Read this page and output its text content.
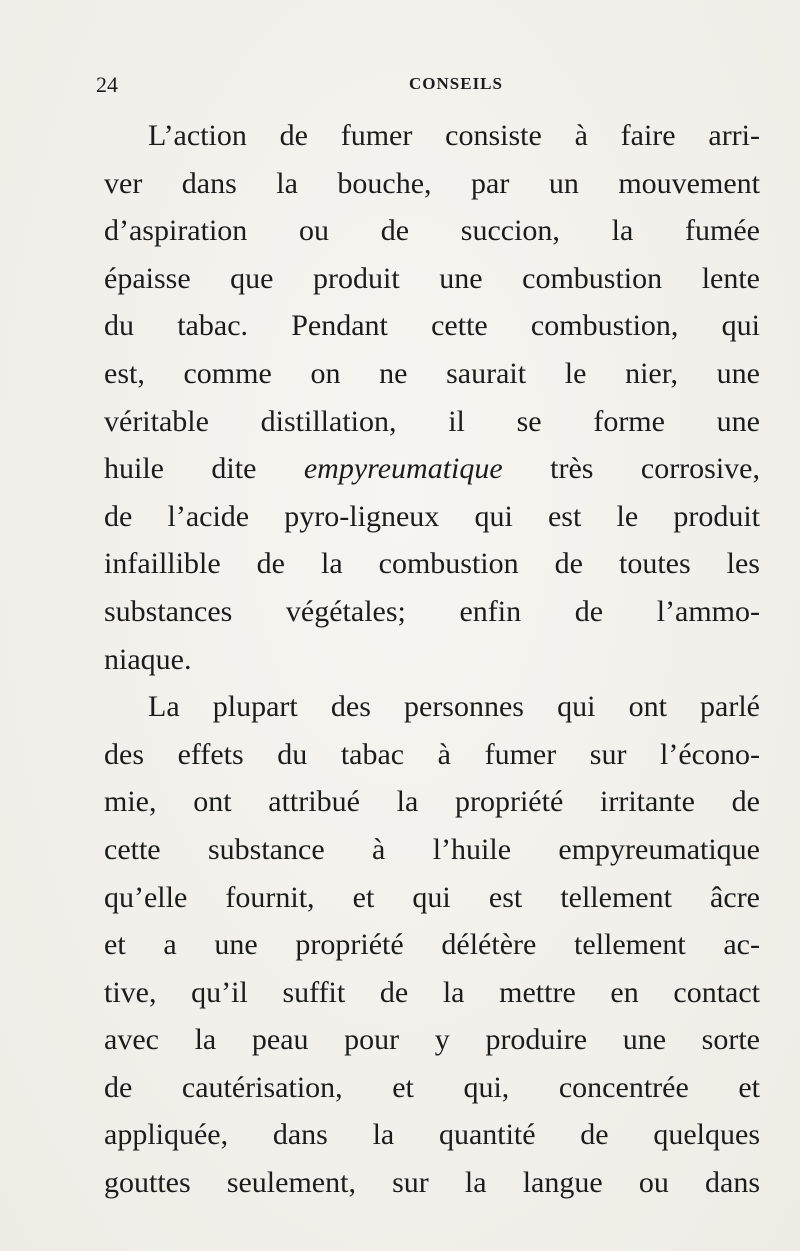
24	CONSEILS
L’action de fumer consiste à faire arri-
ver dans la bouche, par un mouvement
d’aspiration ou de succion, la fumée
épaisse que produit une combustion lente
du tabac. Pendant cette combustion, qui
est, comme on ne saurait le nier, une
véritable distillation, il se forme une
huile dite empyreumatique très corrosive,
de l’acide pyro-ligneux qui est le produit
infaillible de la combustion de toutes les
substances végétales; enfin de l’ammo-
niaque.
La plupart des personnes qui ont parlé
des effets du tabac à fumer sur l’écono-
mie, ont attribué la propriété irritante de
cette substance à l’huile empyreumatique
qu’elle fournit, et qui est tellement âcre
et a une propriété délétère tellement ac-
tive, qu’il suffit de la mettre en contact
avec la peau pour y produire une sorte
de cautérisation, et qui, concentrée et
appliquée, dans la quantité de quelques
gouttes seulement, sur la langue ou dans
